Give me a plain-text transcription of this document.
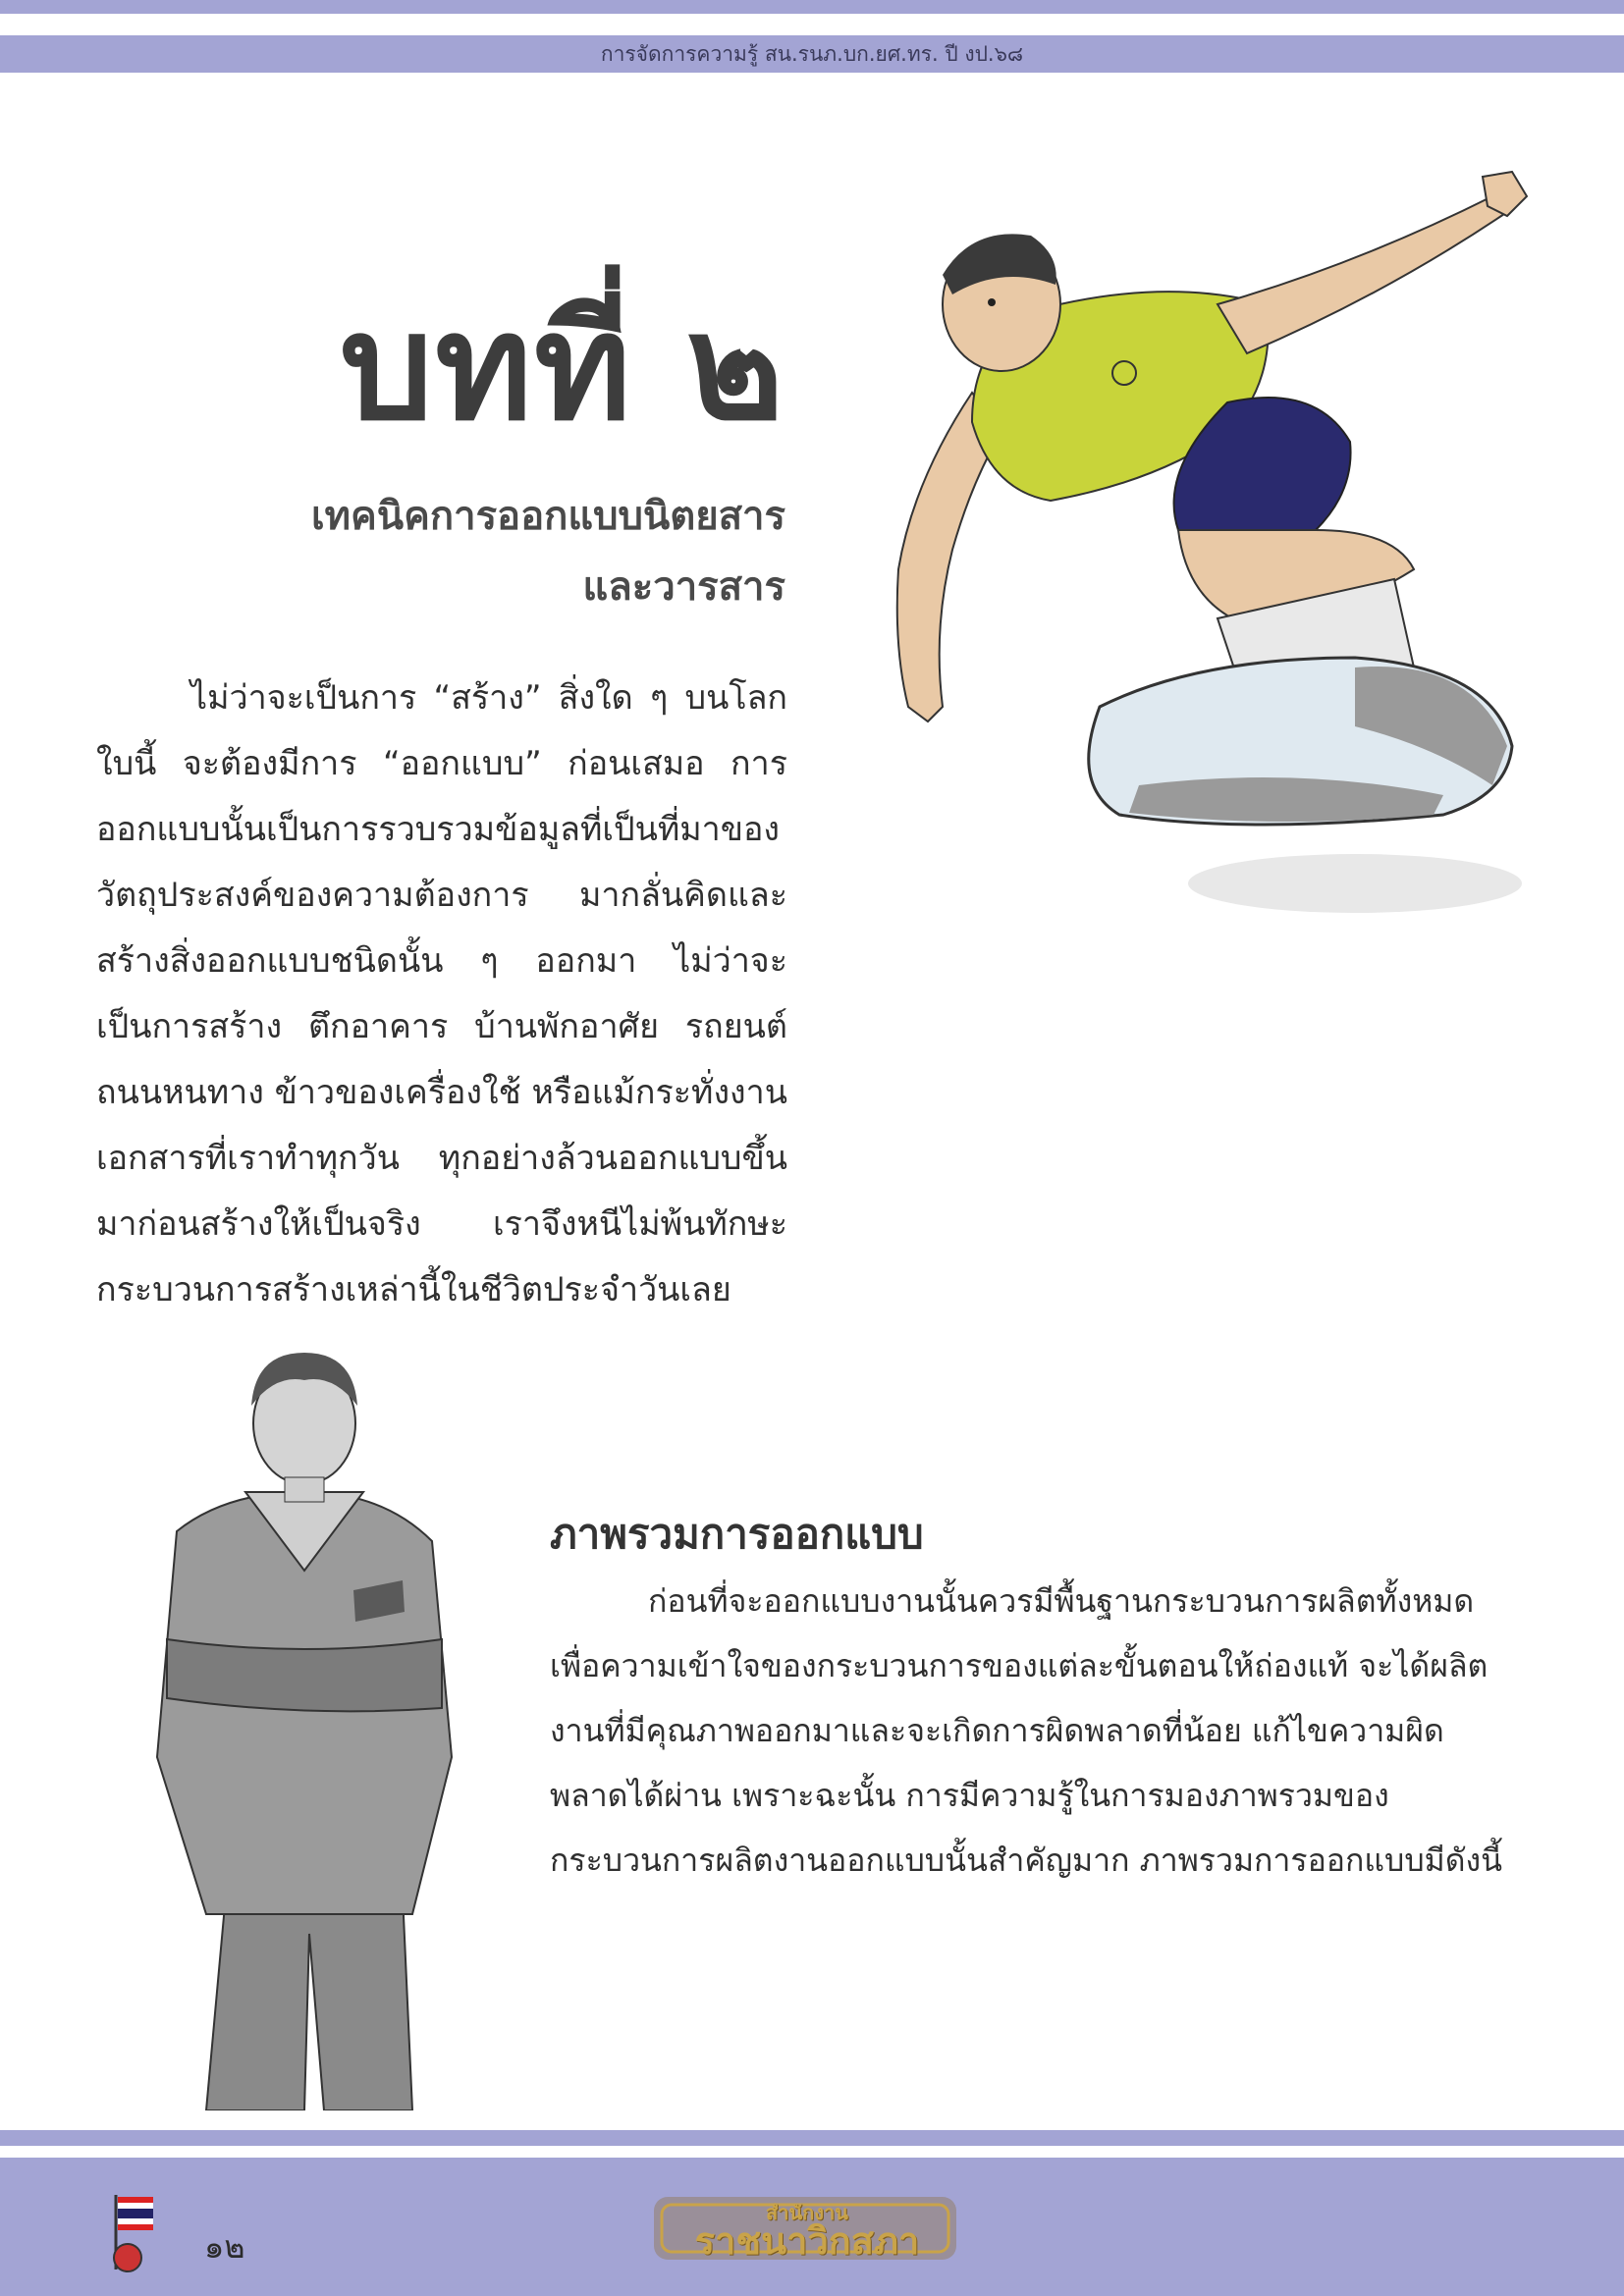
การจัดการความรู้ สน.รนภ.บก.ยศ.ทร. ปี งป.๖๘
บทที่ ๒
เทคนิคการออกแบบนิตยสาร
และวารสาร

ไม่ว่าจะเป็นการ “สร้าง” สิ่งใด ๆ บนโลกใบนี้ จะต้องมีการ “ออกแบบ” ก่อนเสมอ การออกแบบนั้นเป็นการรวบรวมข้อมูลที่เป็นที่มาของวัตถุประสงค์ของความต้องการ มากลั่นคิดและสร้างสิ่งออกแบบชนิดนั้น ๆ ออกมา ไม่ว่าจะเป็นการสร้าง ตึกอาคาร บ้านพักอาศัย รถยนต์ ถนนหนทาง ข้าวของเครื่องใช้ หรือแม้กระทั่งงานเอกสารที่เราทำทุกวัน ทุกอย่างล้วนออกแบบขึ้นมาก่อนสร้างให้เป็นจริง เราจึงหนีไม่พ้นทักษะกระบวนการสร้างเหล่านี้ในชีวิตประจำวันเลย

ภาพรวมการออกแบบ

ก่อนที่จะออกแบบงานนั้นควรมีพื้นฐานกระบวนการผลิตทั้งหมด เพื่อความเข้าใจของกระบวนการของแต่ละขั้นตอนให้ถ่องแท้ จะได้ผลิตงานที่มีคุณภาพออกมาและจะเกิดการผิดพลาดที่น้อย แก้ไขความผิดพลาดได้ผ่าน เพราะฉะนั้น การมีความรู้ในการมองภาพรวมของกระบวนการผลิตงานออกแบบนั้นสำคัญมาก ภาพรวมการออกแบบมีดังนี้

๑๒
สำนักงาน
ราชนาวิกสภา
